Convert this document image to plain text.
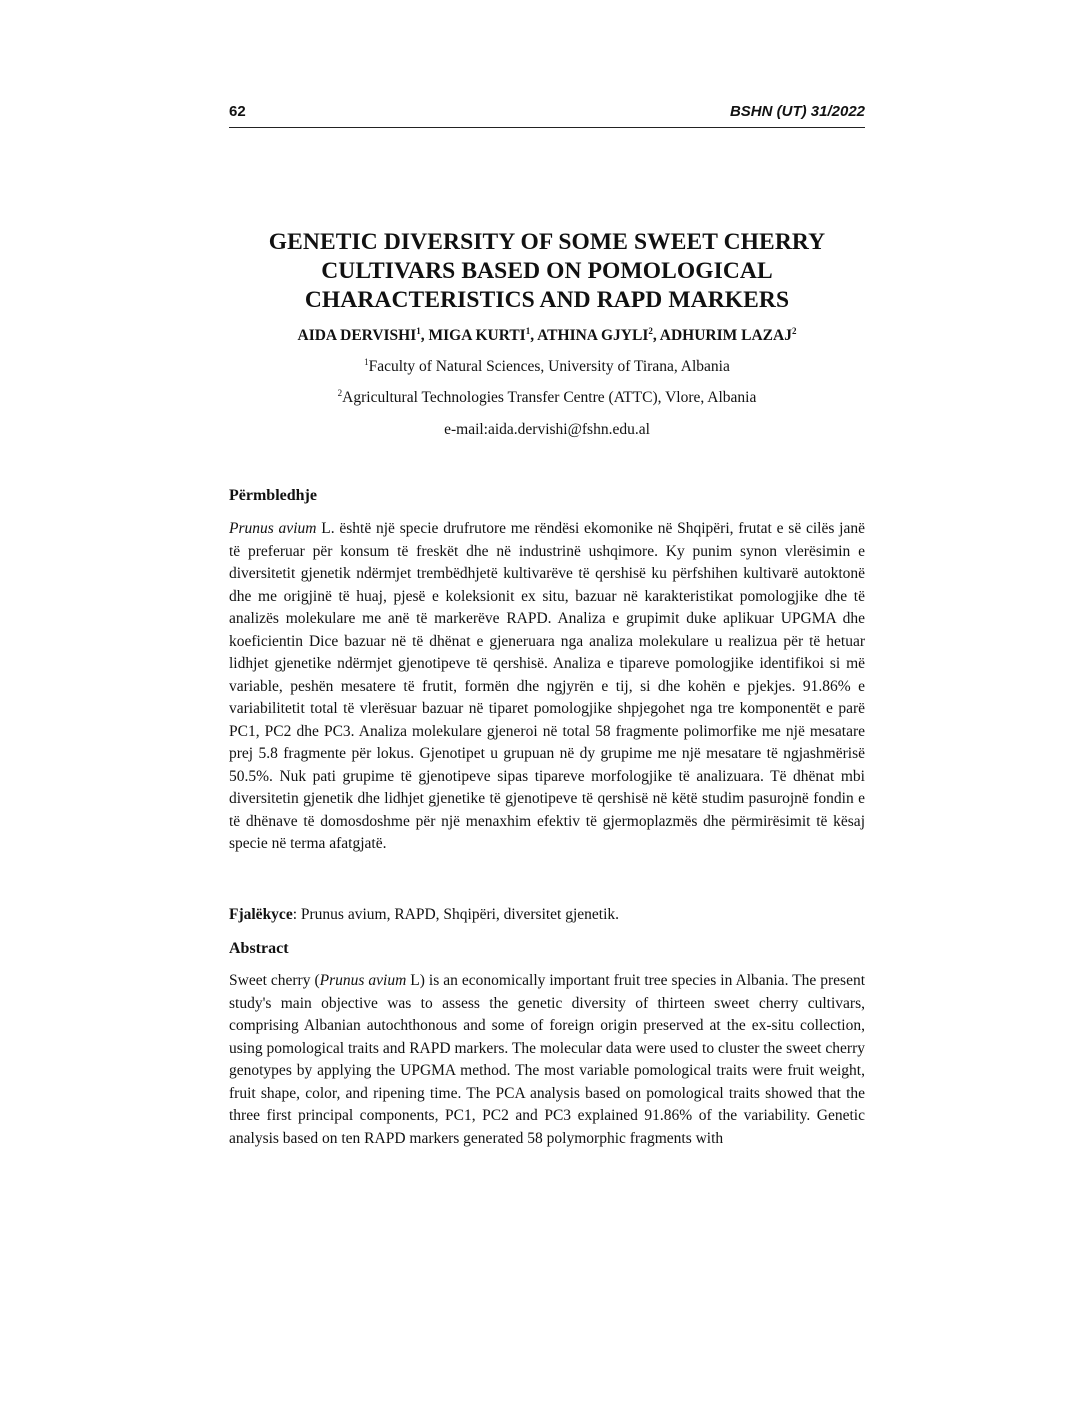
62	BSHN (UT) 31/2022
GENETIC DIVERSITY OF SOME SWEET CHERRY
CULTIVARS BASED ON POMOLOGICAL
CHARACTERISTICS AND RAPD MARKERS
AIDA DERVISHI$^1$, MIGA KURTI$^1$, ATHINA GJYLI$^2$, ADHURIM LAZAJ$^2$
$^1$Faculty of Natural Sciences, University of Tirana, Albania
$^2$Agricultural Technologies Transfer Centre (ATTC), Vlore, Albania
e-mail:aida.dervishi@fshn.edu.al
Përmbledhje

Prunus avium L. është një specie drufrutore me rëndësi ekomonike në Shqipëri, frutat e së cilës janë të preferuar për konsum të freskët dhe në industrinë ushqimore. Ky punim synon vlerësimin e diversitetit gjenetik ndërmjet trembëdhjetë kultivarëve të qershisë ku përfshihen kultivarë autoktonë dhe me origjinë të huaj, pjesë e koleksionit ex situ, bazuar në karakteristikat pomologjike dhe të analizës molekulare me anë të markerëve RAPD. Analiza e grupimit duke aplikuar UPGMA dhe koeficientin Dice bazuar në të dhënat e gjeneruara nga analiza molekulare u realizua për të hetuar lidhjet gjenetike ndërmjet gjenotipeve të qershisë. Analiza e tipareve pomologjike identifikoi si më variable, peshën mesatere të frutit, formën dhe ngjyrën e tij, si dhe kohën e pjekjes. 91.86% e variabilitetit total të vlerësuar bazuar në tiparet pomologjike shpjegohet nga tre komponentët e parë PC1, PC2 dhe PC3. Analiza molekulare gjeneroi në total 58 fragmente polimorfike me një mesatare prej 5.8 fragmente për lokus. Gjenotipet u grupuan në dy grupime me një mesatare të ngjashmërisë 50.5%. Nuk pati grupime të gjenotipeve sipas tipareve morfologjike të analizuara. Të dhënat mbi diversitetin gjenetik dhe lidhjet gjenetike të gjenotipeve të qershisë në këtë studim pasurojnë fondin e të dhënave të domosdoshme për një menaxhim efektiv të gjermoplazmës dhe përmirësimit të kësaj specie në terma afatgjatë.

Fjalëkyce: Prunus avium, RAPD, Shqipëri, diversitet gjenetik.
Abstract

Sweet cherry (Prunus avium L) is an economically important fruit tree species in Albania. The present study's main objective was to assess the genetic diversity of thirteen sweet cherry cultivars, comprising Albanian autochthonous and some of foreign origin preserved at the ex-situ collection, using pomological traits and RAPD markers. The molecular data were used to cluster the sweet cherry genotypes by applying the UPGMA method. The most variable pomological traits were fruit weight, fruit shape, color, and ripening time. The PCA analysis based on pomological traits showed that the three first principal components, PC1, PC2 and PC3 explained 91.86% of the variability. Genetic analysis based on ten RAPD markers generated 58 polymorphic fragments with
